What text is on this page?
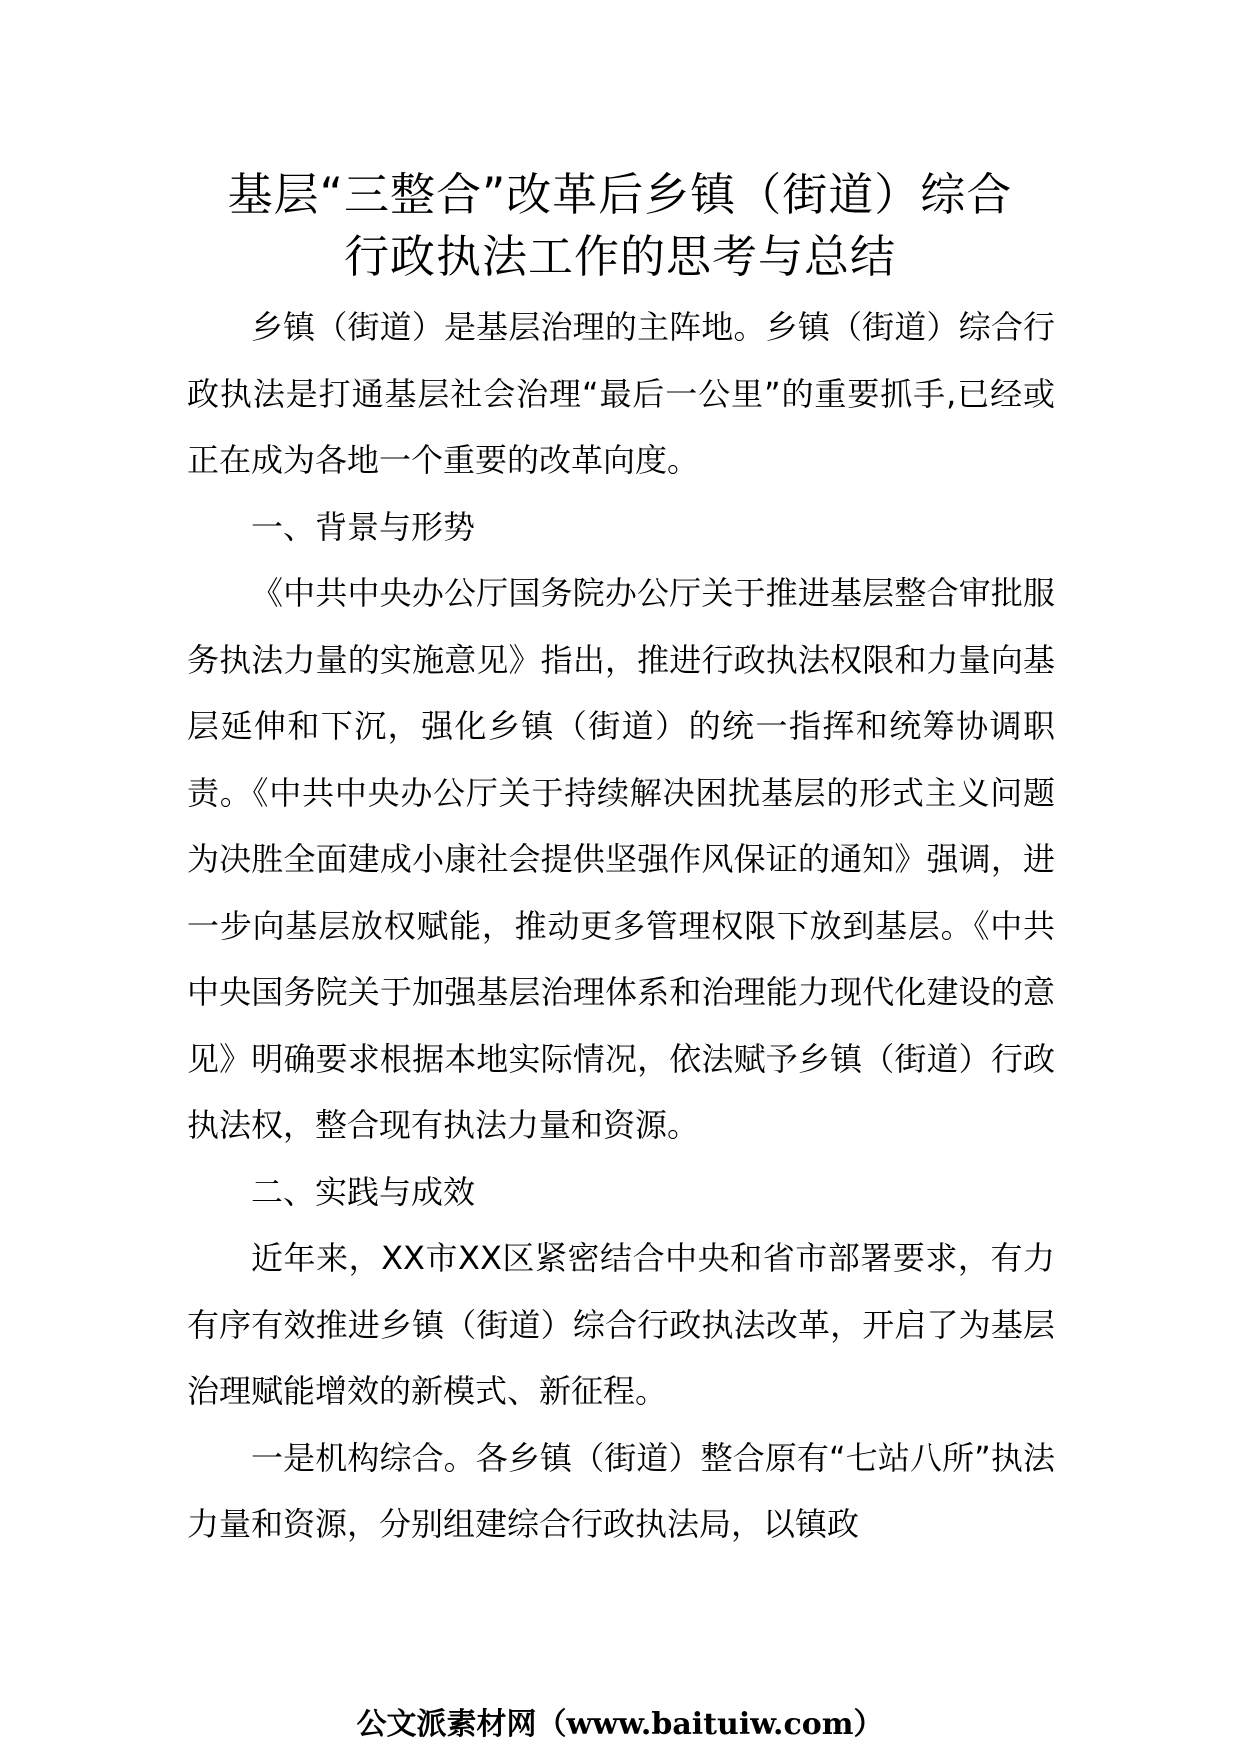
基层“三整合”改革后乡镇（街道）综合
行政执法工作的思考与总结

乡镇（街道）是基层治理的主阵地。乡镇（街道）综合行政执法是打通基层社会治理“最后一公里”的重要抓手,已经或正在成为各地一个重要的改革向度。

一、背景与形势

《中共中央办公厅国务院办公厅关于推进基层整合审批服务执法力量的实施意见》指出，推进行政执法权限和力量向基层延伸和下沉，强化乡镇（街道）的统一指挥和统筹协调职责。《中共中央办公厅关于持续解决困扰基层的形式主义问题为决胜全面建成小康社会提供坚强作风保证的通知》强调，进一步向基层放权赋能，推动更多管理权限下放到基层。《中共中央国务院关于加强基层治理体系和治理能力现代化建设的意见》明确要求根据本地实际情况，依法赋予乡镇（街道）行政执法权，整合现有执法力量和资源。

二、实践与成效

近年来，XX市XX区紧密结合中央和省市部署要求，有力有序有效推进乡镇（街道）综合行政执法改革，开启了为基层治理赋能增效的新模式、新征程。

一是机构综合。各乡镇（街道）整合原有“七站八所”执法力量和资源，分别组建综合行政执法局，以镇政

公文派素材网（www.baituiw.com）
